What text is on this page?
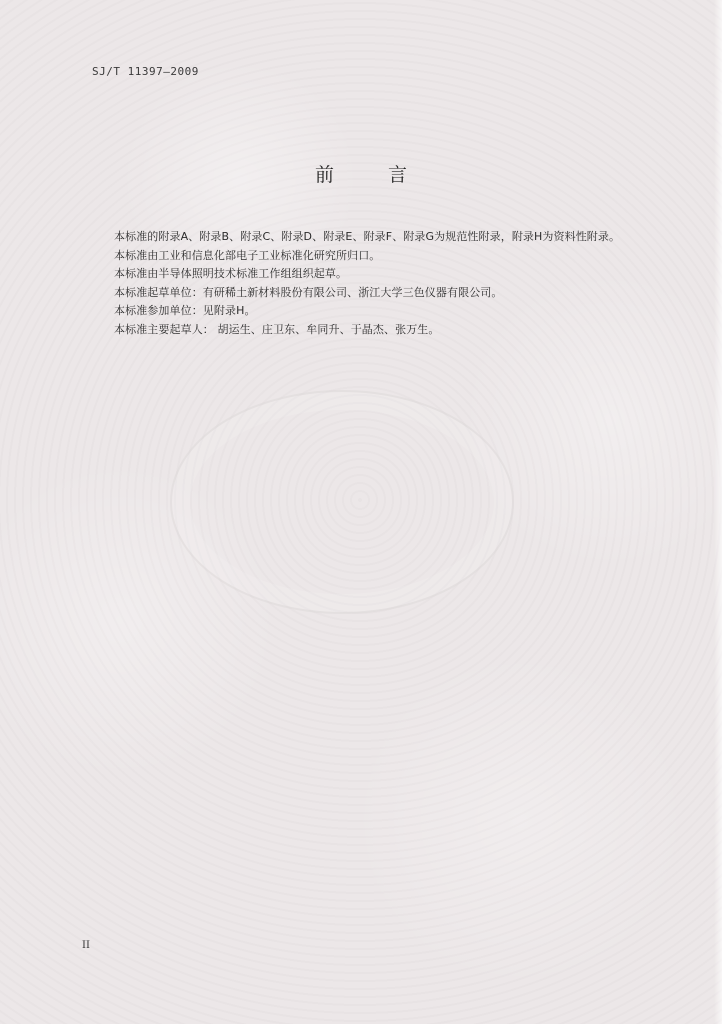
SJ/T 11397—2009
前 言
本标准的附录A、附录B、附录C、附录D、附录E、附录F、附录G为规范性附录，附录H为资料性附录。
本标准由工业和信息化部电子工业标准化研究所归口。
本标准由半导体照明技术标准工作组组织起草。
本标准起草单位：有研稀土新材料股份有限公司、浙江大学三色仪器有限公司。
本标准参加单位：见附录H。
本标准主要起草人： 胡运生、庄卫东、牟同升、于晶杰、张万生。
II
